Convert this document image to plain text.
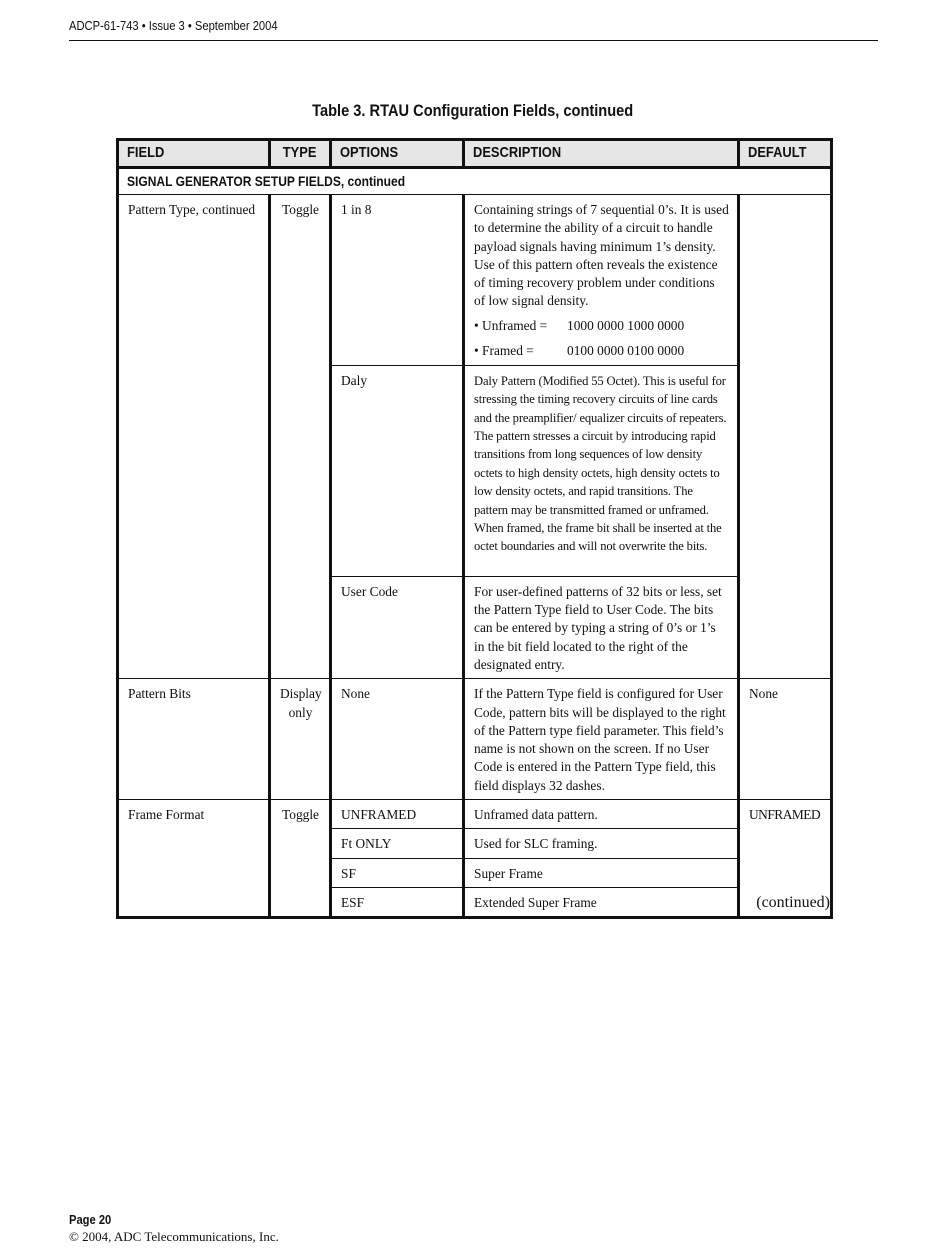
ADCP-61-743 • Issue 3 • September 2004
Table 3. RTAU Configuration Fields, continued
FIELD	TYPE	OPTIONS	DESCRIPTION	DEFAULT
SIGNAL GENERATOR SETUP FIELDS, continued				

Pattern Type, continued	Toggle	1 in 8	Containing strings of 7 sequential 0’s. It is used to determine the ability of a circuit to handle payload signals having minimum 1’s density. Use of this pattern often reveals the existence of timing recovery problem under conditions of low signal density.
• Unframed = 1000 0000 1000 0000
• Framed = 0100 0000 0100 0000	

		Daly	Daly Pattern (Modified 55 Octet). This is useful for stressing the timing recovery circuits of line cards and the preamplifier/ equalizer circuits of repeaters. The pattern stresses a circuit by introducing rapid transitions from long sequences of low density octets to high density octets, high density octets to low density octets, and rapid transitions. The pattern may be transmitted framed or unframed. When framed, the frame bit shall be inserted at the octet boundaries and will not overwrite the bits.	

		User Code	For user-defined patterns of 32 bits or less, set the Pattern Type field to User Code. The bits can be entered by typing a string of 0’s or 1’s in the bit field located to the right of the designated entry.	

Pattern Bits	Display only	None	If the Pattern Type field is configured for User Code, pattern bits will be displayed to the right of the Pattern type field parameter. This field’s name is not shown on the screen. If no User Code is entered in the Pattern Type field, this field displays 32 dashes.	None

Frame Format	Toggle	UNFRAMED	Unframed data pattern.	UNFRAMED

		Ft ONLY	Used for SLC framing.	

		SF	Super Frame	

		ESF	Extended Super Frame		(continued)
Page 20
© 2004, ADC Telecommunications, Inc.
